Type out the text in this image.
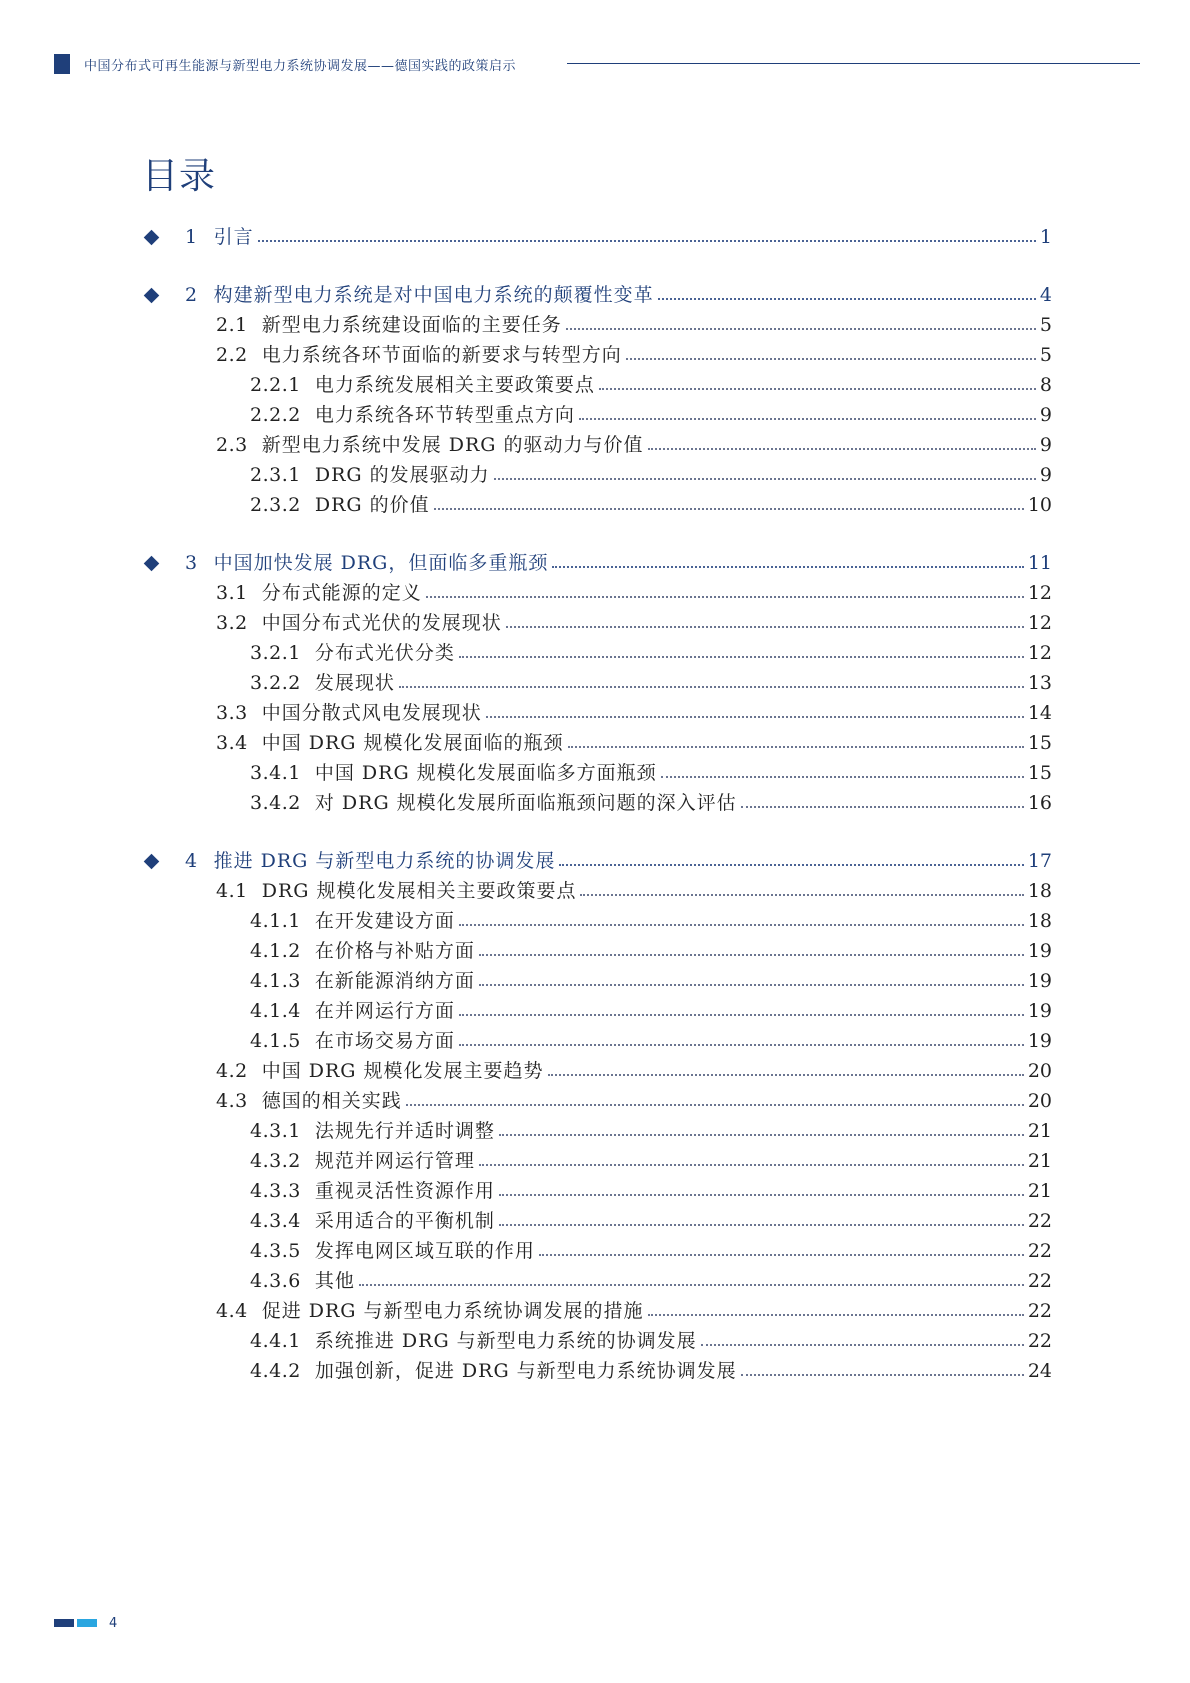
中国分布式可再生能源与新型电力系统协调发展——德国实践的政策启示
目录
1 引言	1
2 构建新型电力系统是对中国电力系统的颠覆性变革	4
2.1 新型电力系统建设面临的主要任务	5
2.2 电力系统各环节面临的新要求与转型方向	5
2.2.1 电力系统发展相关主要政策要点	8
2.2.2 电力系统各环节转型重点方向	9
2.3 新型电力系统中发展 DRG 的驱动力与价值	9
2.3.1 DRG 的发展驱动力	9
2.3.2 DRG 的价值	10
3 中国加快发展 DRG，但面临多重瓶颈	11
3.1 分布式能源的定义	12
3.2 中国分布式光伏的发展现状	12
3.2.1 分布式光伏分类	12
3.2.2 发展现状	13
3.3 中国分散式风电发展现状	14
3.4 中国 DRG 规模化发展面临的瓶颈	15
3.4.1 中国 DRG 规模化发展面临多方面瓶颈	15
3.4.2 对 DRG 规模化发展所面临瓶颈问题的深入评估	16
4 推进 DRG 与新型电力系统的协调发展	17
4.1 DRG 规模化发展相关主要政策要点	18
4.1.1 在开发建设方面	18
4.1.2 在价格与补贴方面	19
4.1.3 在新能源消纳方面	19
4.1.4 在并网运行方面	19
4.1.5 在市场交易方面	19
4.2 中国 DRG 规模化发展主要趋势	20
4.3 德国的相关实践	20
4.3.1 法规先行并适时调整	21
4.3.2 规范并网运行管理	21
4.3.3 重视灵活性资源作用	21
4.3.4 采用适合的平衡机制	22
4.3.5 发挥电网区域互联的作用	22
4.3.6 其他	22
4.4 促进 DRG 与新型电力系统协调发展的措施	22
4.4.1 系统推进 DRG 与新型电力系统的协调发展	22
4.4.2 加强创新，促进 DRG 与新型电力系统协调发展	24
4
